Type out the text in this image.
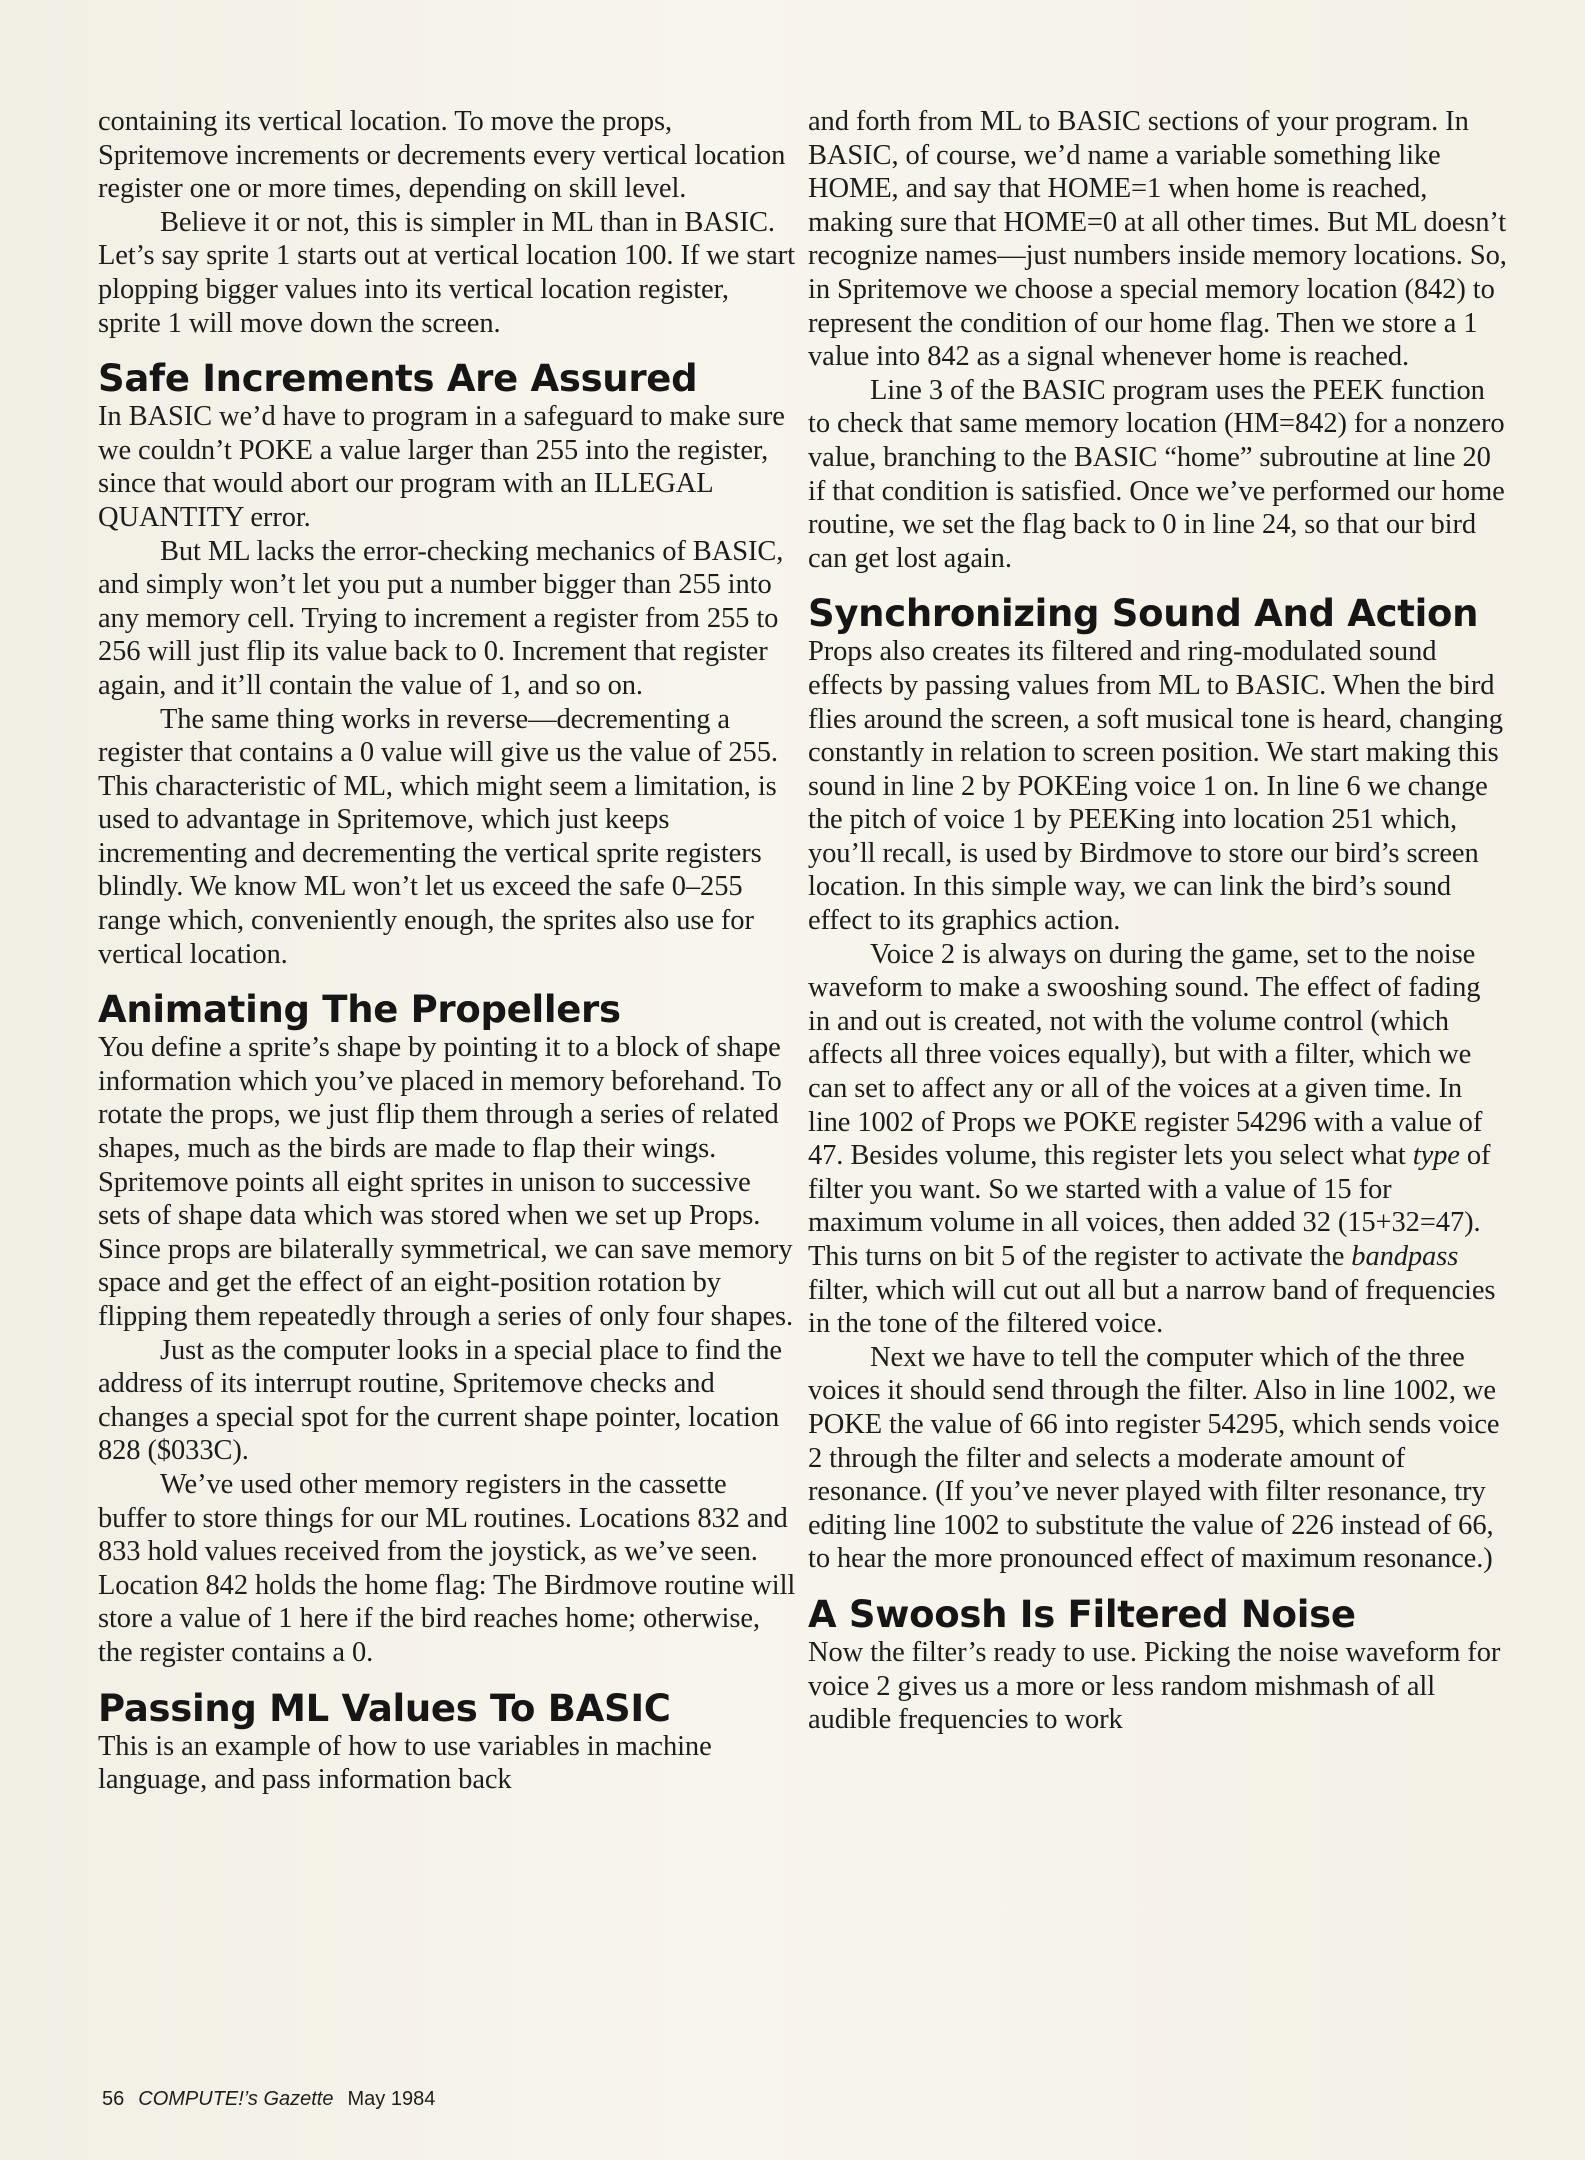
containing its vertical location. To move the props, Spritemove increments or decrements every vertical location register one or more times, depending on skill level.

Believe it or not, this is simpler in ML than in BASIC. Let’s say sprite 1 starts out at vertical location 100. If we start plopping bigger values into its vertical location register, sprite 1 will move down the screen.

Safe Increments Are Assured

In BASIC we’d have to program in a safeguard to make sure we couldn’t POKE a value larger than 255 into the register, since that would abort our program with an ILLEGAL QUANTITY error.

But ML lacks the error-checking mechanics of BASIC, and simply won’t let you put a number bigger than 255 into any memory cell. Trying to increment a register from 255 to 256 will just flip its value back to 0. Increment that register again, and it’ll contain the value of 1, and so on.

The same thing works in reverse—decrementing a register that contains a 0 value will give us the value of 255. This characteristic of ML, which might seem a limitation, is used to advantage in Spritemove, which just keeps incrementing and decrementing the vertical sprite registers blindly. We know ML won’t let us exceed the safe 0–255 range which, conveniently enough, the sprites also use for vertical location.

Animating The Propellers

You define a sprite’s shape by pointing it to a block of shape information which you’ve placed in memory beforehand. To rotate the props, we just flip them through a series of related shapes, much as the birds are made to flap their wings. Spritemove points all eight sprites in unison to successive sets of shape data which was stored when we set up Props. Since props are bilaterally symmetrical, we can save memory space and get the effect of an eight-position rotation by flipping them repeatedly through a series of only four shapes.

Just as the computer looks in a special place to find the address of its interrupt routine, Spritemove checks and changes a special spot for the current shape pointer, location 828 ($033C).

We’ve used other memory registers in the cassette buffer to store things for our ML routines. Locations 832 and 833 hold values received from the joystick, as we’ve seen. Location 842 holds the home flag: The Birdmove routine will store a value of 1 here if the bird reaches home; otherwise, the register contains a 0.

Passing ML Values To BASIC

This is an example of how to use variables in machine language, and pass information back

and forth from ML to BASIC sections of your program. In BASIC, of course, we’d name a variable something like HOME, and say that HOME=1 when home is reached, making sure that HOME=0 at all other times. But ML doesn’t recognize names—just numbers inside memory locations. So, in Spritemove we choose a special memory location (842) to represent the condition of our home flag. Then we store a 1 value into 842 as a signal whenever home is reached.

Line 3 of the BASIC program uses the PEEK function to check that same memory location (HM=842) for a nonzero value, branching to the BASIC “home” subroutine at line 20 if that condition is satisfied. Once we’ve performed our home routine, we set the flag back to 0 in line 24, so that our bird can get lost again.

Synchronizing Sound And Action

Props also creates its filtered and ring-modulated sound effects by passing values from ML to BASIC. When the bird flies around the screen, a soft musical tone is heard, changing constantly in relation to screen position. We start making this sound in line 2 by POKEing voice 1 on. In line 6 we change the pitch of voice 1 by PEEKing into location 251 which, you’ll recall, is used by Birdmove to store our bird’s screen location. In this simple way, we can link the bird’s sound effect to its graphics action.

Voice 2 is always on during the game, set to the noise waveform to make a swooshing sound. The effect of fading in and out is created, not with the volume control (which affects all three voices equally), but with a filter, which we can set to affect any or all of the voices at a given time. In line 1002 of Props we POKE register 54296 with a value of 47. Besides volume, this register lets you select what type of filter you want. So we started with a value of 15 for maximum volume in all voices, then added 32 (15+32=47). This turns on bit 5 of the register to activate the bandpass filter, which will cut out all but a narrow band of frequencies in the tone of the filtered voice.

Next we have to tell the computer which of the three voices it should send through the filter. Also in line 1002, we POKE the value of 66 into register 54295, which sends voice 2 through the filter and selects a moderate amount of resonance. (If you’ve never played with filter resonance, try editing line 1002 to substitute the value of 226 instead of 66, to hear the more pronounced effect of maximum resonance.)

A Swoosh Is Filtered Noise

Now the filter’s ready to use. Picking the noise waveform for voice 2 gives us a more or less random mishmash of all audible frequencies to work

56 COMPUTE!’s Gazette May 1984
